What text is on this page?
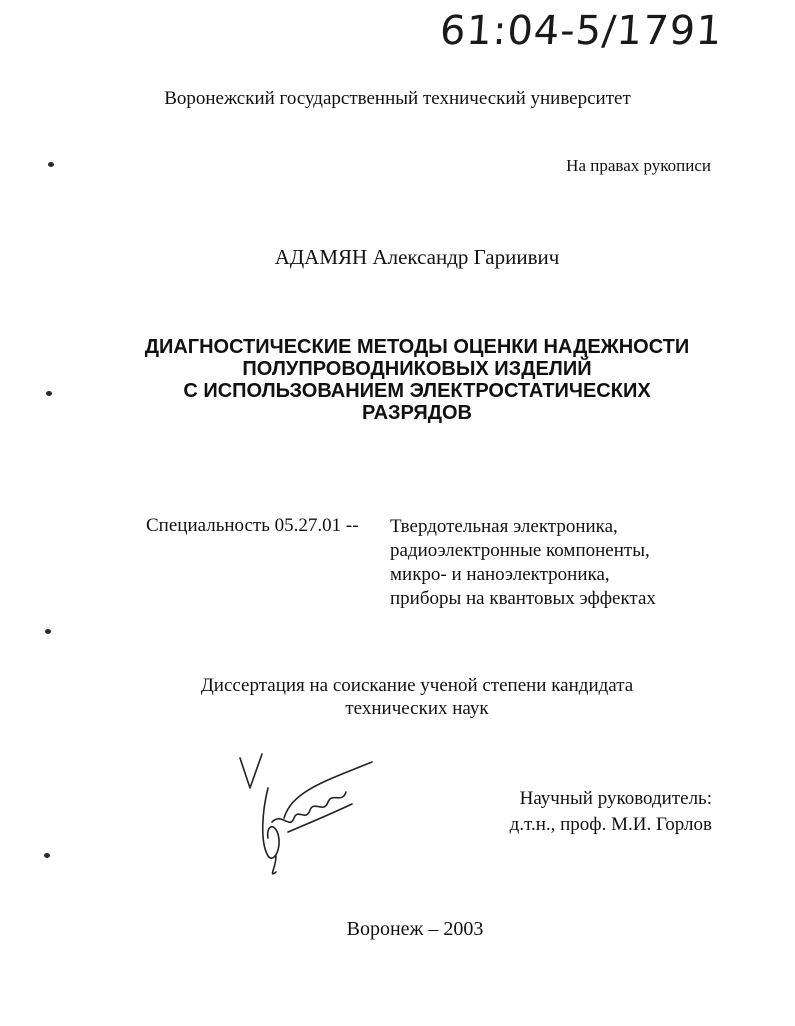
61:04-5/1791
Воронежский государственный технический университет
На правах рукописи
АДАМЯН Александр Гариивич
ДИАГНОСТИЧЕСКИЕ МЕТОДЫ ОЦЕНКИ НАДЕЖНОСТИ
ПОЛУПРОВОДНИКОВЫХ ИЗДЕЛИЙ
С ИСПОЛЬЗОВАНИЕМ ЭЛЕКТРОСТАТИЧЕСКИХ
РАЗРЯДОВ
Специальность 05.27.01 -- Твердотельная электроника,
радиоэлектронные компоненты,
микро- и наноэлектроника,
приборы на квантовых эффектах
Диссертация на соискание ученой степени кандидата
технических наук
Научный руководитель:
д.т.н., проф. М.И. Горлов
Воронеж – 2003
